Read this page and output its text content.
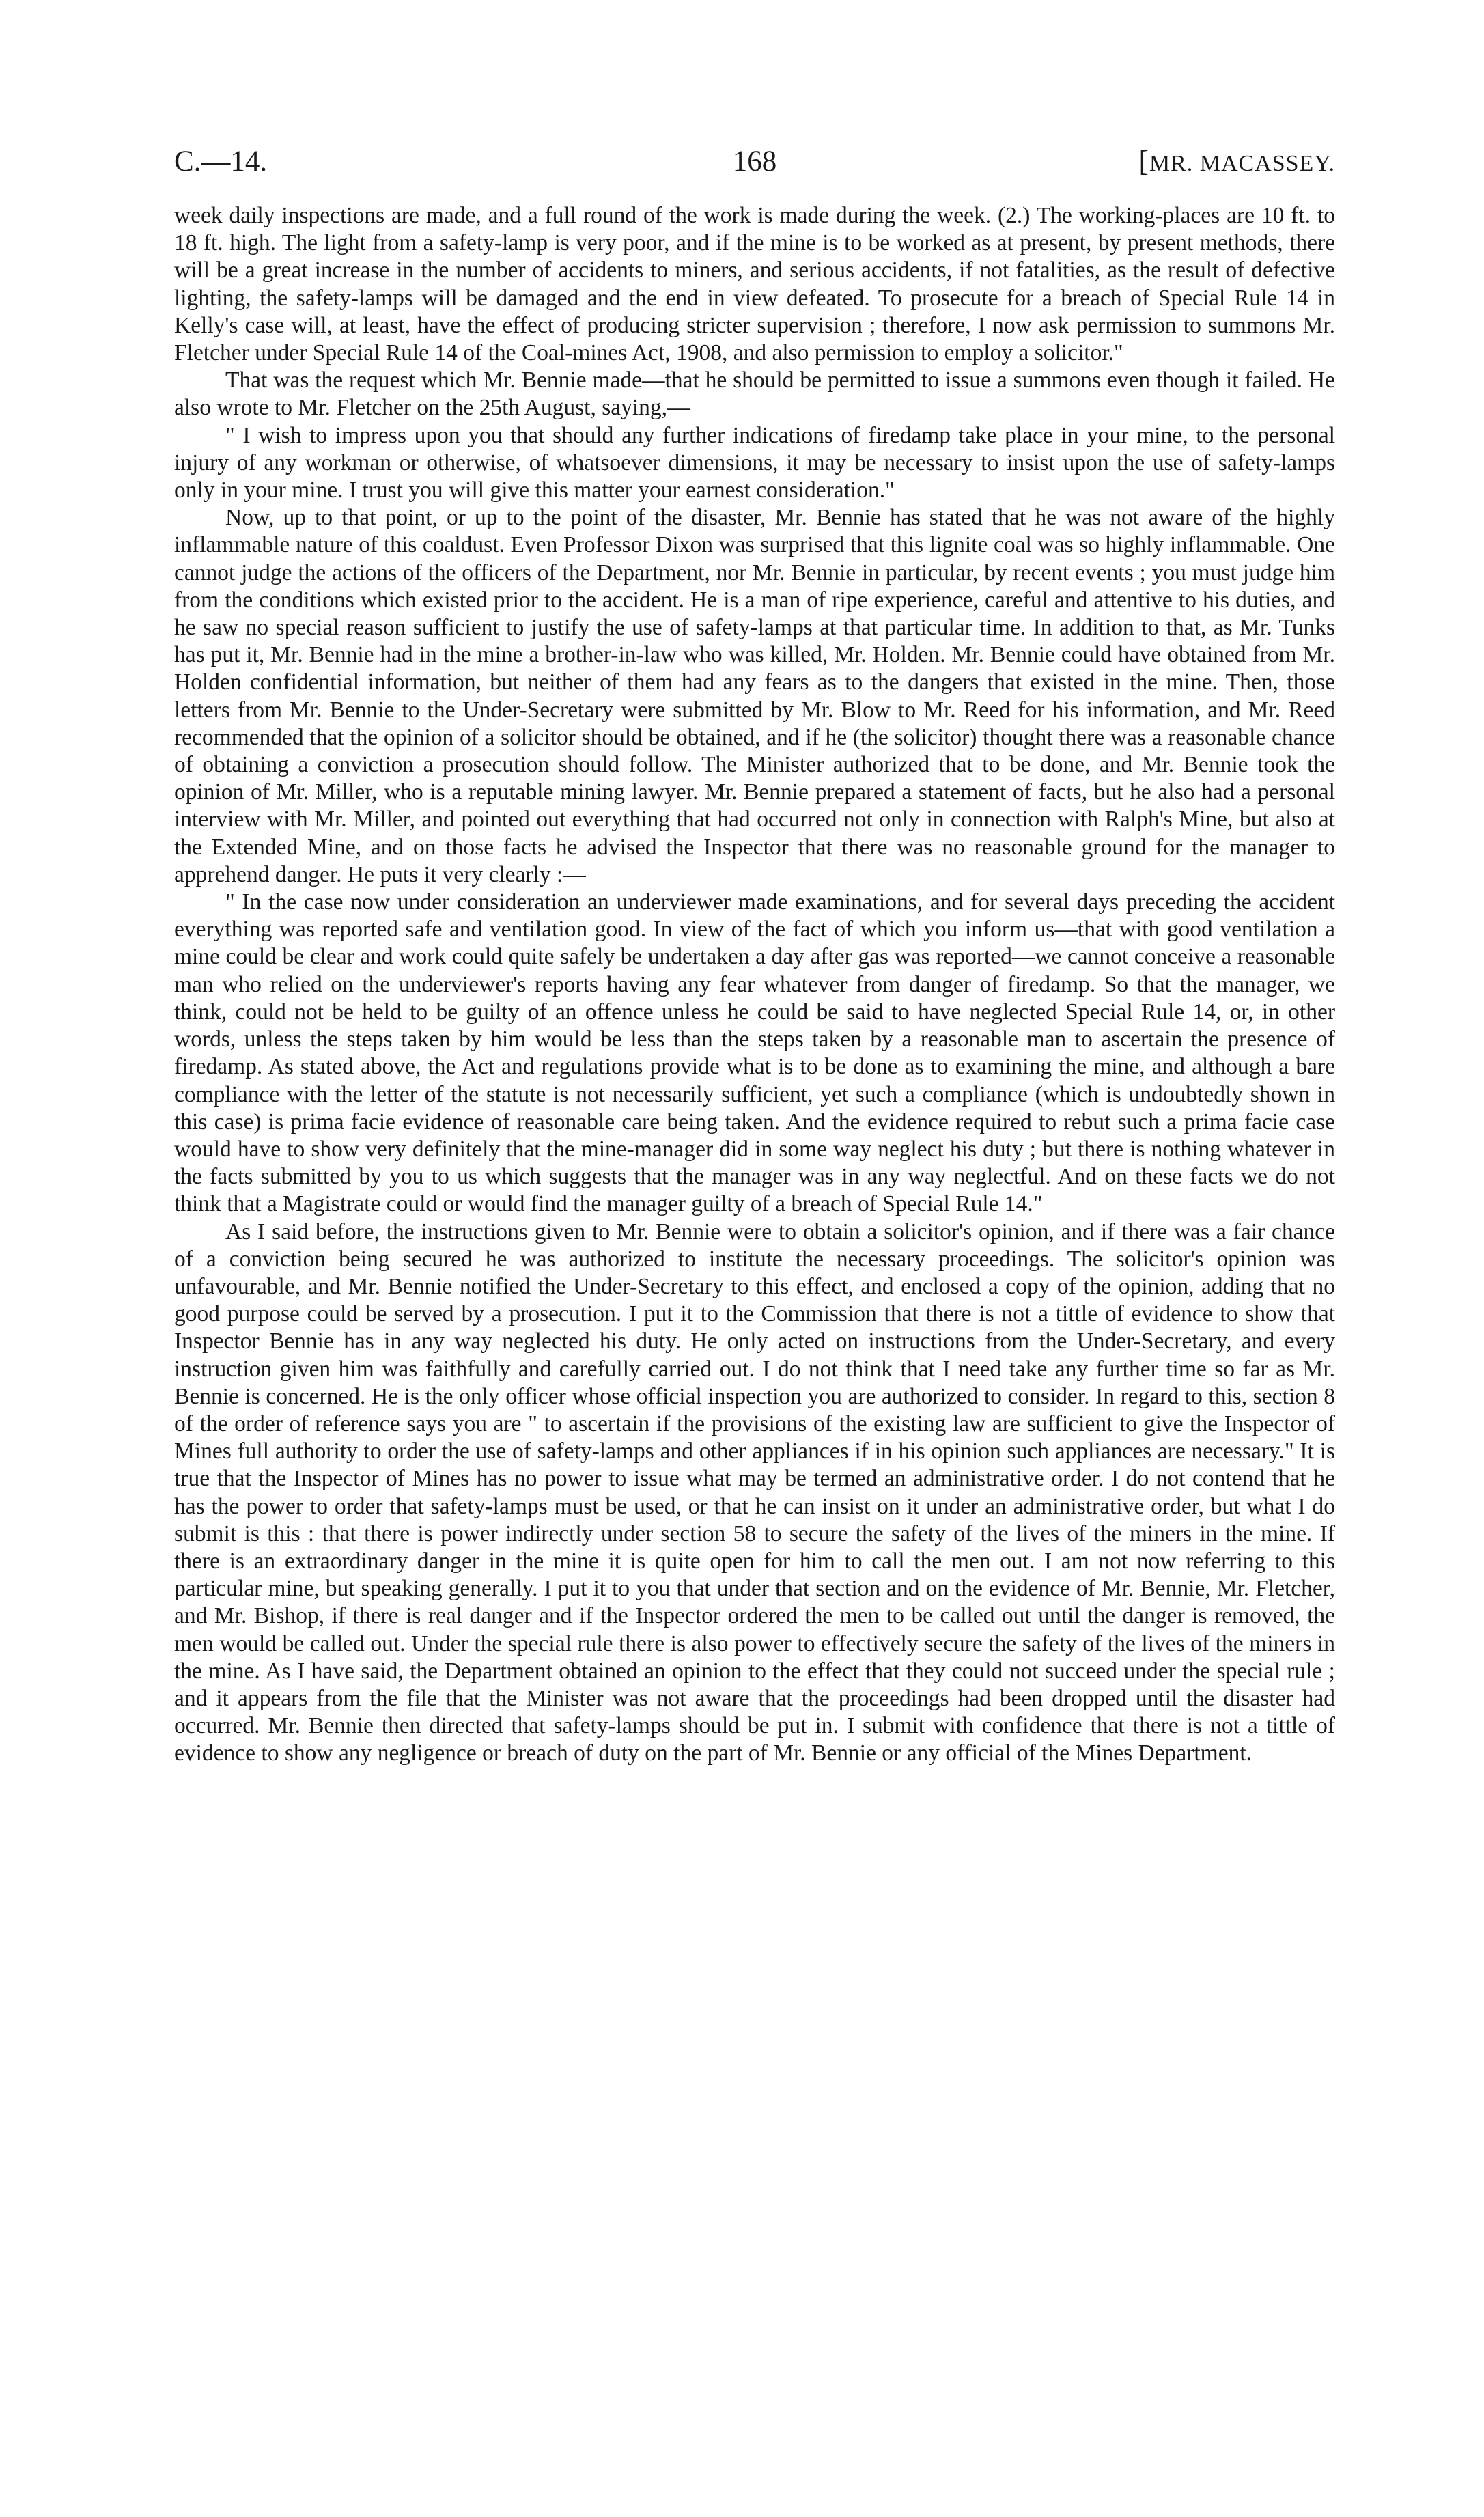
C.—14.	168	[MR. MACASSEY.

week daily inspections are made, and a full round of the work is made during the week. (2.) The working-places are 10 ft. to 18 ft. high. The light from a safety-lamp is very poor, and if the mine is to be worked as at present, by present methods, there will be a great increase in the number of accidents to miners, and serious accidents, if not fatalities, as the result of defective lighting, the safety-lamps will be damaged and the end in view defeated. To prosecute for a breach of Special Rule 14 in Kelly's case will, at least, have the effect of producing stricter supervision ; therefore, I now ask permission to summons Mr. Fletcher under Special Rule 14 of the Coal-mines Act, 1908, and also permission to employ a solicitor."

That was the request which Mr. Bennie made—that he should be permitted to issue a summons even though it failed. He also wrote to Mr. Fletcher on the 25th August, saying,—

" I wish to impress upon you that should any further indications of firedamp take place in your mine, to the personal injury of any workman or otherwise, of whatsoever dimensions, it may be necessary to insist upon the use of safety-lamps only in your mine. I trust you will give this matter your earnest consideration."

Now, up to that point, or up to the point of the disaster, Mr. Bennie has stated that he was not aware of the highly inflammable nature of this coaldust. Even Professor Dixon was surprised that this lignite coal was so highly inflammable. One cannot judge the actions of the officers of the Department, nor Mr. Bennie in particular, by recent events ; you must judge him from the conditions which existed prior to the accident. He is a man of ripe experience, careful and attentive to his duties, and he saw no special reason sufficient to justify the use of safety-lamps at that particular time. In addition to that, as Mr. Tunks has put it, Mr. Bennie had in the mine a brother-in-law who was killed, Mr. Holden. Mr. Bennie could have obtained from Mr. Holden confidential information, but neither of them had any fears as to the dangers that existed in the mine. Then, those letters from Mr. Bennie to the Under-Secretary were submitted by Mr. Blow to Mr. Reed for his information, and Mr. Reed recommended that the opinion of a solicitor should be obtained, and if he (the solicitor) thought there was a reasonable chance of obtaining a conviction a prosecution should follow. The Minister authorized that to be done, and Mr. Bennie took the opinion of Mr. Miller, who is a reputable mining lawyer. Mr. Bennie prepared a statement of facts, but he also had a personal interview with Mr. Miller, and pointed out everything that had occurred not only in connection with Ralph's Mine, but also at the Extended Mine, and on those facts he advised the Inspector that there was no reasonable ground for the manager to apprehend danger. He puts it very clearly :—

" In the case now under consideration an underviewer made examinations, and for several days preceding the accident everything was reported safe and ventilation good. In view of the fact of which you inform us—that with good ventilation a mine could be clear and work could quite safely be undertaken a day after gas was reported—we cannot conceive a reasonable man who relied on the underviewer's reports having any fear whatever from danger of firedamp. So that the manager, we think, could not be held to be guilty of an offence unless he could be said to have neglected Special Rule 14, or, in other words, unless the steps taken by him would be less than the steps taken by a reasonable man to ascertain the presence of firedamp. As stated above, the Act and regulations provide what is to be done as to examining the mine, and although a bare compliance with the letter of the statute is not necessarily sufficient, yet such a compliance (which is undoubtedly shown in this case) is prima facie evidence of reasonable care being taken. And the evidence required to rebut such a prima facie case would have to show very definitely that the mine-manager did in some way neglect his duty ; but there is nothing whatever in the facts submitted by you to us which suggests that the manager was in any way neglectful. And on these facts we do not think that a Magistrate could or would find the manager guilty of a breach of Special Rule 14."

As I said before, the instructions given to Mr. Bennie were to obtain a solicitor's opinion, and if there was a fair chance of a conviction being secured he was authorized to institute the necessary proceedings. The solicitor's opinion was unfavourable, and Mr. Bennie notified the Under-Secretary to this effect, and enclosed a copy of the opinion, adding that no good purpose could be served by a prosecution. I put it to the Commission that there is not a tittle of evidence to show that Inspector Bennie has in any way neglected his duty. He only acted on instructions from the Under-Secretary, and every instruction given him was faithfully and carefully carried out. I do not think that I need take any further time so far as Mr. Bennie is concerned. He is the only officer whose official inspection you are authorized to consider. In regard to this, section 8 of the order of reference says you are " to ascertain if the provisions of the existing law are sufficient to give the Inspector of Mines full authority to order the use of safety-lamps and other appliances if in his opinion such appliances are necessary." It is true that the Inspector of Mines has no power to issue what may be termed an administrative order. I do not contend that he has the power to order that safety-lamps must be used, or that he can insist on it under an administrative order, but what I do submit is this : that there is power indirectly under section 58 to secure the safety of the lives of the miners in the mine. If there is an extraordinary danger in the mine it is quite open for him to call the men out. I am not now referring to this particular mine, but speaking generally. I put it to you that under that section and on the evidence of Mr. Bennie, Mr. Fletcher, and Mr. Bishop, if there is real danger and if the Inspector ordered the men to be called out until the danger is removed, the men would be called out. Under the special rule there is also power to effectively secure the safety of the lives of the miners in the mine. As I have said, the Department obtained an opinion to the effect that they could not succeed under the special rule ; and it appears from the file that the Minister was not aware that the proceedings had been dropped until the disaster had occurred. Mr. Bennie then directed that safety-lamps should be put in. I submit with confidence that there is not a tittle of evidence to show any negligence or breach of duty on the part of Mr. Bennie or any official of the Mines Department.
